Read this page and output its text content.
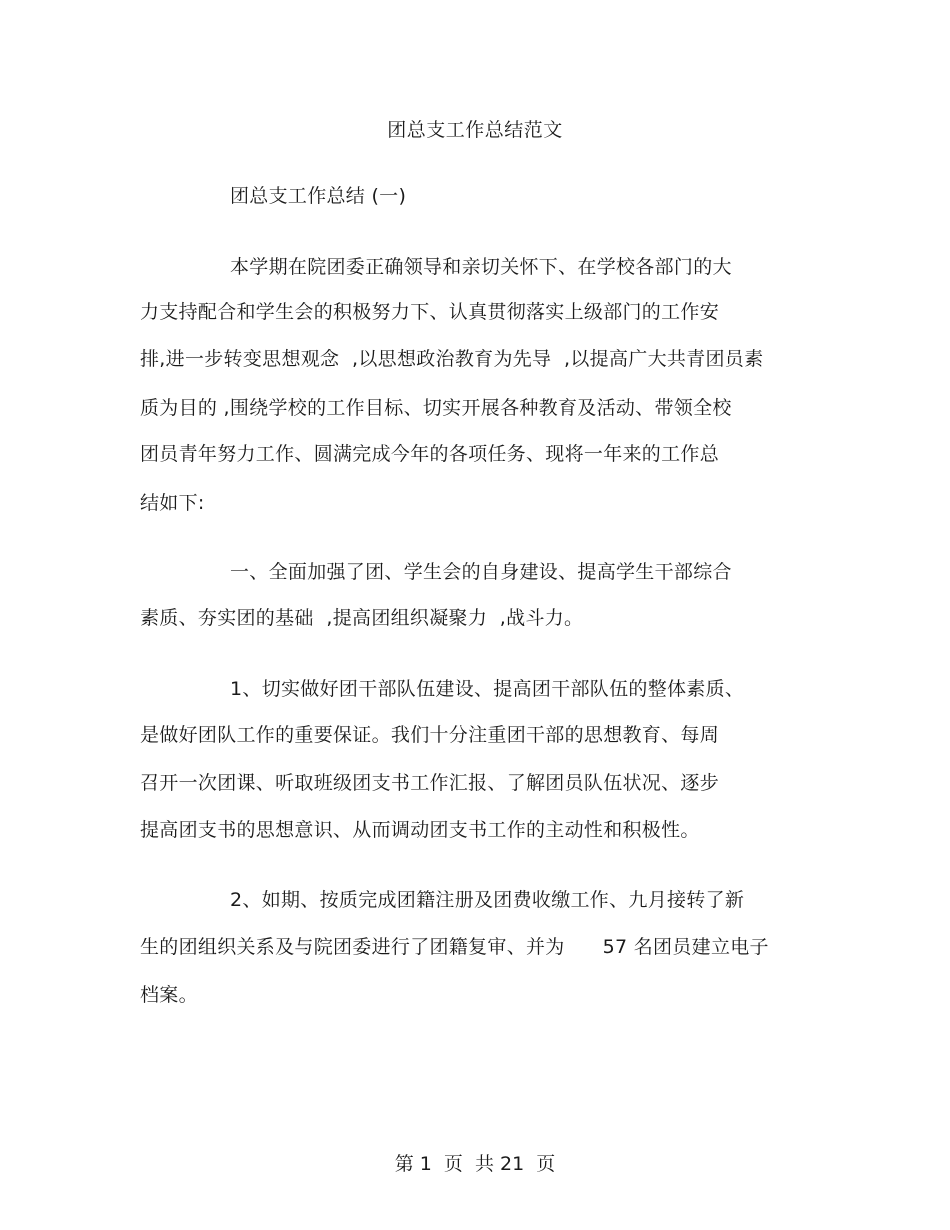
团总支工作总结范文
团总支工作总结 (一)
本学期在院团委正确领导和亲切关怀下、在学校各部门的大
力支持配合和学生会的积极努力下、认真贯彻落实上级部门的工作安
排,进一步转变思想观念  ,以思想政治教育为先导  ,以提高广大共青团员素
质为目的 ,围绕学校的工作目标、切实开展各种教育及活动、带领全校
团员青年努力工作、圆满完成今年的各项任务、现将一年来的工作总
结如下:
一、全面加强了团、学生会的自身建设、提高学生干部综合
素质、夯实团的基础  ,提高团组织凝聚力  ,战斗力。
1、切实做好团干部队伍建设、提高团干部队伍的整体素质、
是做好团队工作的重要保证。我们十分注重团干部的思想教育、每周
召开一次团课、听取班级团支书工作汇报、了解团员队伍状况、逐步
提高团支书的思想意识、从而调动团支书工作的主动性和积极性。
2、如期、按质完成团籍注册及团费收缴工作、九月接转了新
生的团组织关系及与院团委进行了团籍复审、并为      57 名团员建立电子
档案。
第 1  页  共 21  页
